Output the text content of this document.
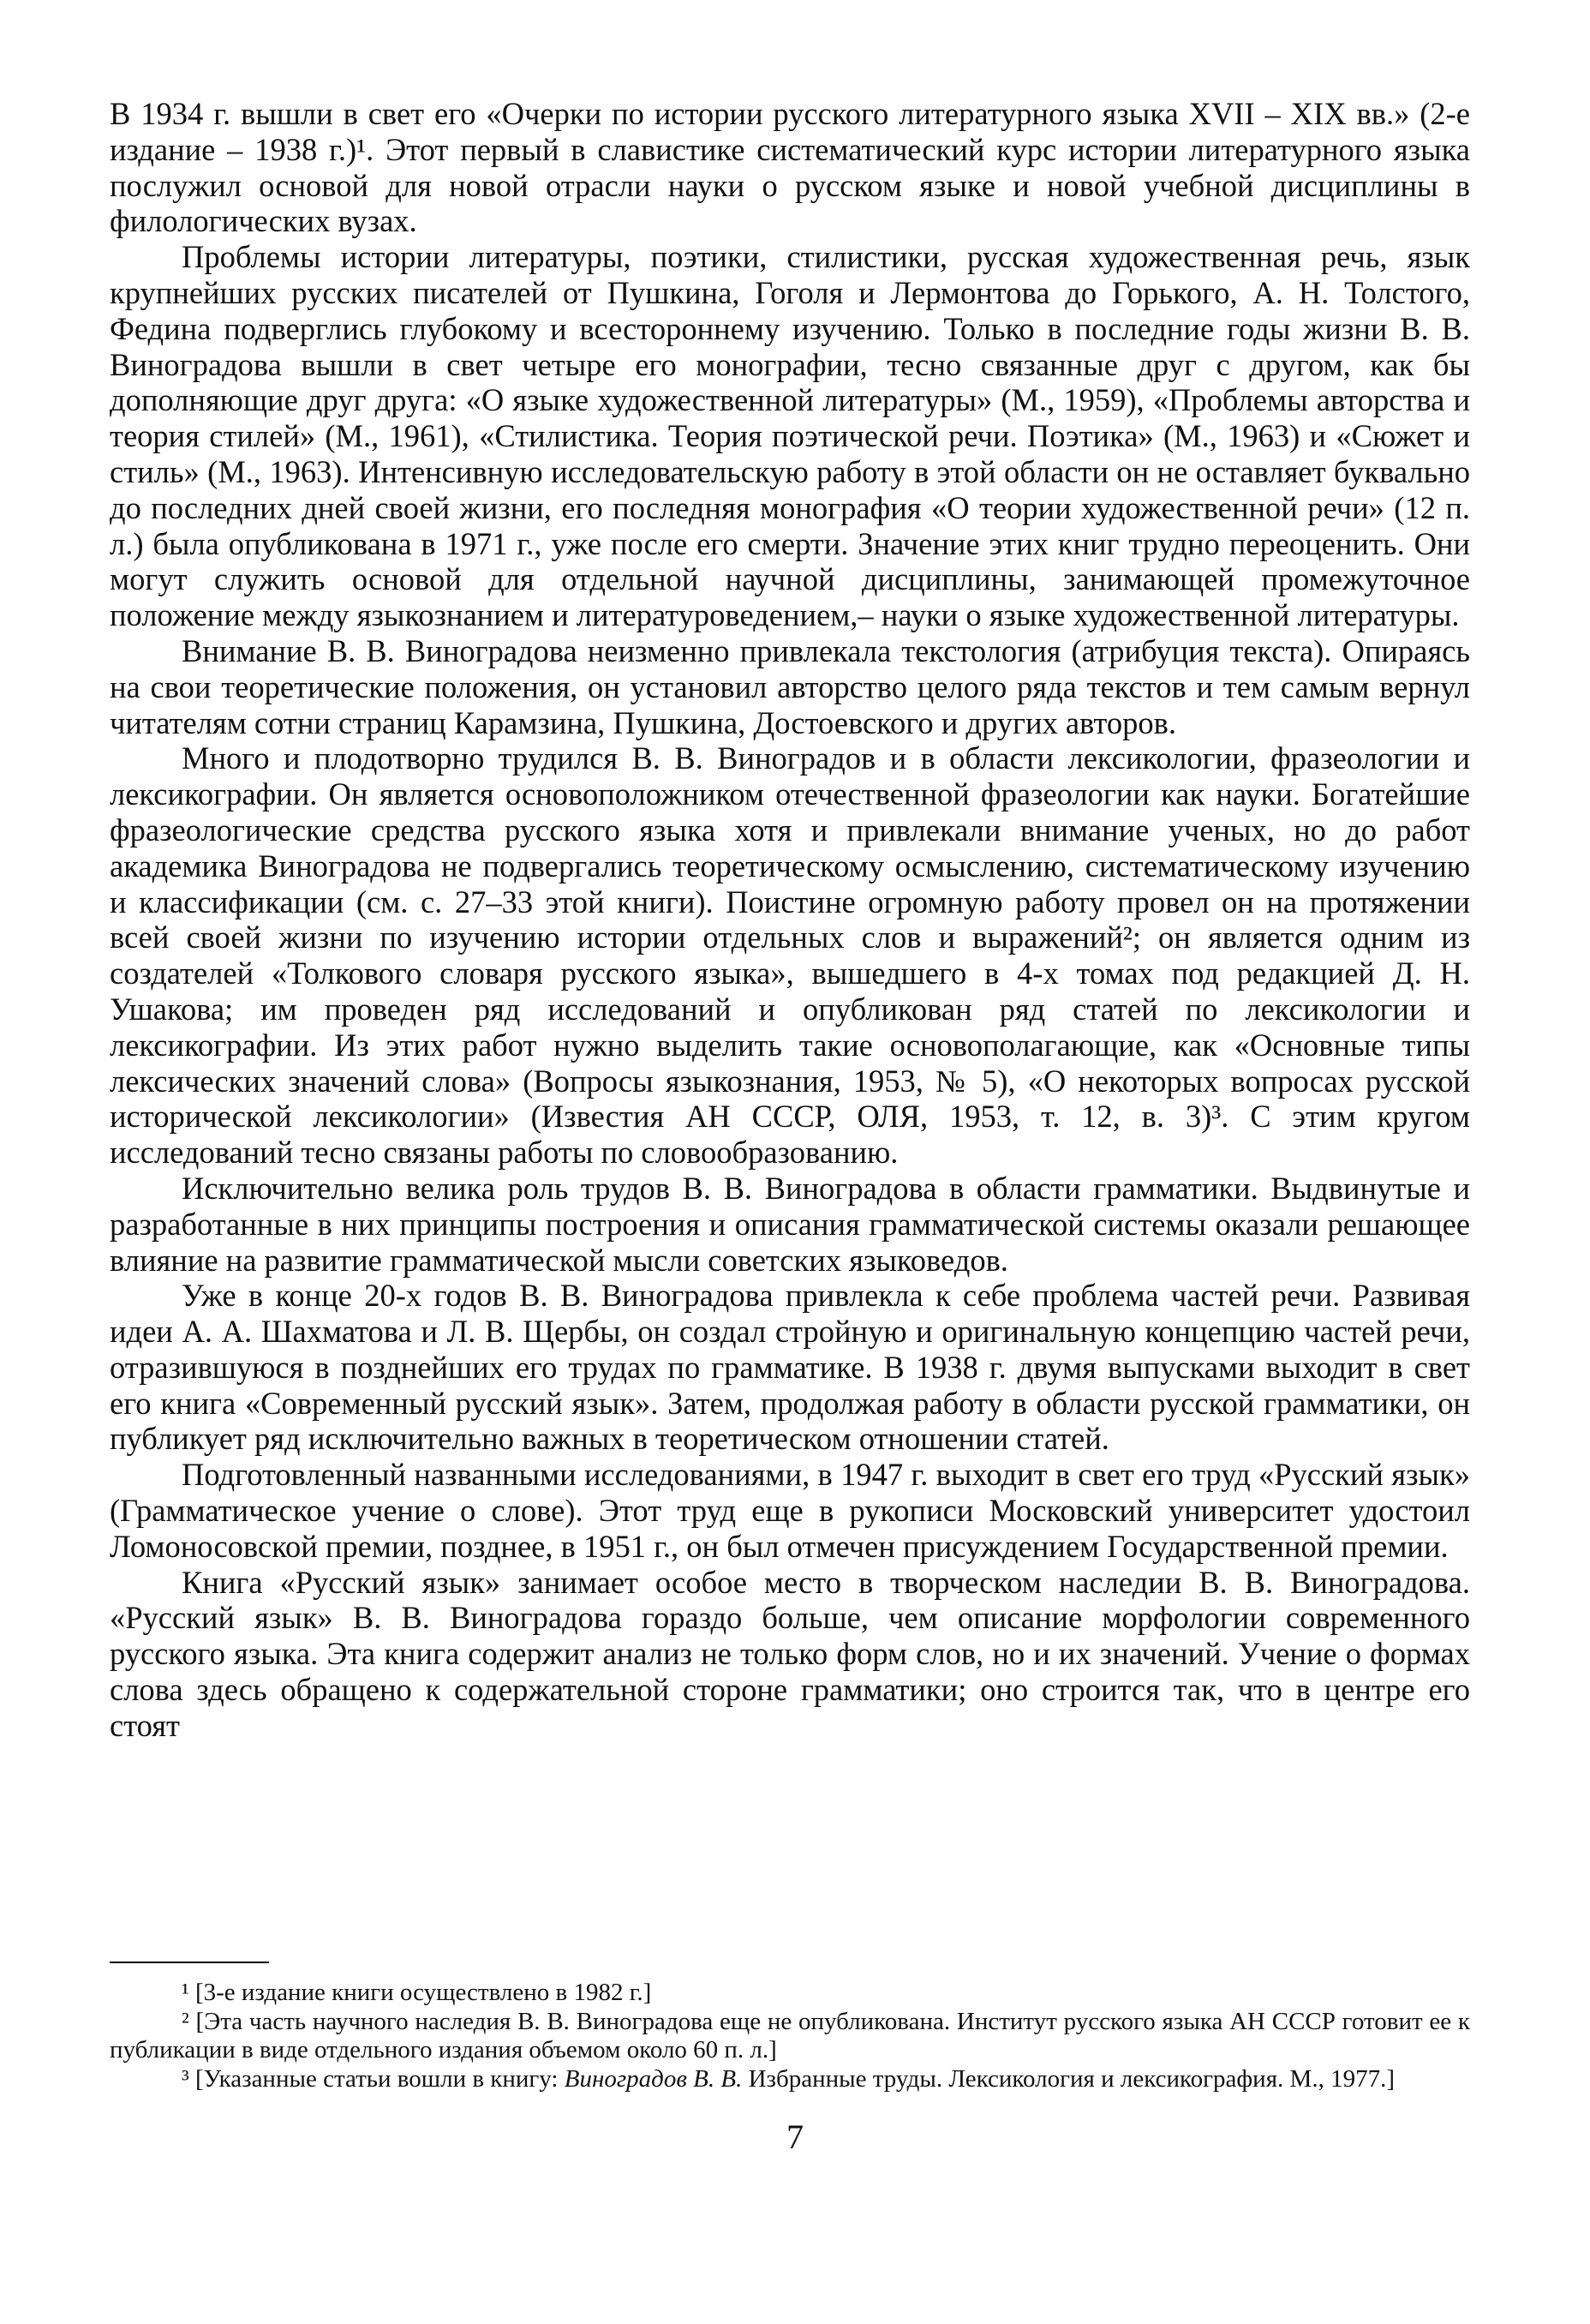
В 1934 г. вышли в свет его «Очерки по истории русского литературного языка XVII – XIX вв.» (2-е издание – 1938 г.)¹. Этот первый в славистике систематический курс истории литературного языка послужил основой для новой отрасли науки о русском языке и новой учебной дисциплины в филологических вузах.

Проблемы истории литературы, поэтики, стилистики, русская художественная речь, язык крупнейших русских писателей от Пушкина, Гоголя и Лермонтова до Горького, А. Н. Толстого, Федина подверглись глубокому и всестороннему изучению. Только в последние годы жизни В. В. Виноградова вышли в свет четыре его монографии, тесно связанные друг с другом, как бы дополняющие друг друга: «О языке художественной литературы» (М., 1959), «Проблемы авторства и теория стилей» (М., 1961), «Стилистика. Теория поэтической речи. Поэтика» (М., 1963) и «Сюжет и стиль» (М., 1963). Интенсивную исследовательскую работу в этой области он не оставляет буквально до последних дней своей жизни, его последняя монография «О теории художественной речи» (12 п. л.) была опубликована в 1971 г., уже после его смерти. Значение этих книг трудно переоценить. Они могут служить основой для отдельной научной дисциплины, занимающей промежуточное положение между языкознанием и литературоведением,– науки о языке художественной литературы.

Внимание В. В. Виноградова неизменно привлекала текстология (атрибуция текста). Опираясь на свои теоретические положения, он установил авторство целого ряда текстов и тем самым вернул читателям сотни страниц Карамзина, Пушкина, Достоевского и других авторов.

Много и плодотворно трудился В. В. Виноградов и в области лексикологии, фразеологии и лексикографии. Он является основоположником отечественной фразеологии как науки. Богатейшие фразеологические средства русского языка хотя и привлекали внимание ученых, но до работ академика Виноградова не подвергались теоретическому осмыслению, систематическому изучению и классификации (см. с. 27–33 этой книги). Поистине огромную работу провел он на протяжении всей своей жизни по изучению истории отдельных слов и выражений²; он является одним из создателей «Толкового словаря русского языка», вышедшего в 4-х томах под редакцией Д. Н. Ушакова; им проведен ряд исследований и опубликован ряд статей по лексикологии и лексикографии. Из этих работ нужно выделить такие основополагающие, как «Основные типы лексических значений слова» (Вопросы языкознания, 1953, № 5), «О некоторых вопросах русской исторической лексикологии» (Известия АН СССР, ОЛЯ, 1953, т. 12, в. 3)³. С этим кругом исследований тесно связаны работы по словообразованию.

Исключительно велика роль трудов В. В. Виноградова в области грамматики. Выдвинутые и разработанные в них принципы построения и описания грамматической системы оказали решающее влияние на развитие грамматической мысли советских языковедов.

Уже в конце 20-х годов В. В. Виноградова привлекла к себе проблема частей речи. Развивая идеи А. А. Шахматова и Л. В. Щербы, он создал стройную и оригинальную концепцию частей речи, отразившуюся в позднейших его трудах по грамматике. В 1938 г. двумя выпусками выходит в свет его книга «Современный русский язык». Затем, продолжая работу в области русской грамматики, он публикует ряд исключительно важных в теоретическом отношении статей.

Подготовленный названными исследованиями, в 1947 г. выходит в свет его труд «Русский язык» (Грамматическое учение о слове). Этот труд еще в рукописи Московский университет удостоил Ломоносовской премии, позднее, в 1951 г., он был отмечен присуждением Государственной премии.

Книга «Русский язык» занимает особое место в творческом наследии В. В. Виноградова. «Русский язык» В. В. Виноградова гораздо больше, чем описание морфологии современного русского языка. Эта книга содержит анализ не только форм слов, но и их значений. Учение о формах слова здесь обращено к содержательной стороне грамматики; оно строится так, что в центре его стоят

¹ [3-е издание книги осуществлено в 1982 г.]

² [Эта часть научного наследия В. В. Виноградова еще не опубликована. Институт русского языка АН СССР готовит ее к публикации в виде отдельного издания объемом около 60 п. л.]

³ [Указанные статьи вошли в книгу: Виноградов В. В. Избранные труды. Лексикология и лексикография. М., 1977.]

7
